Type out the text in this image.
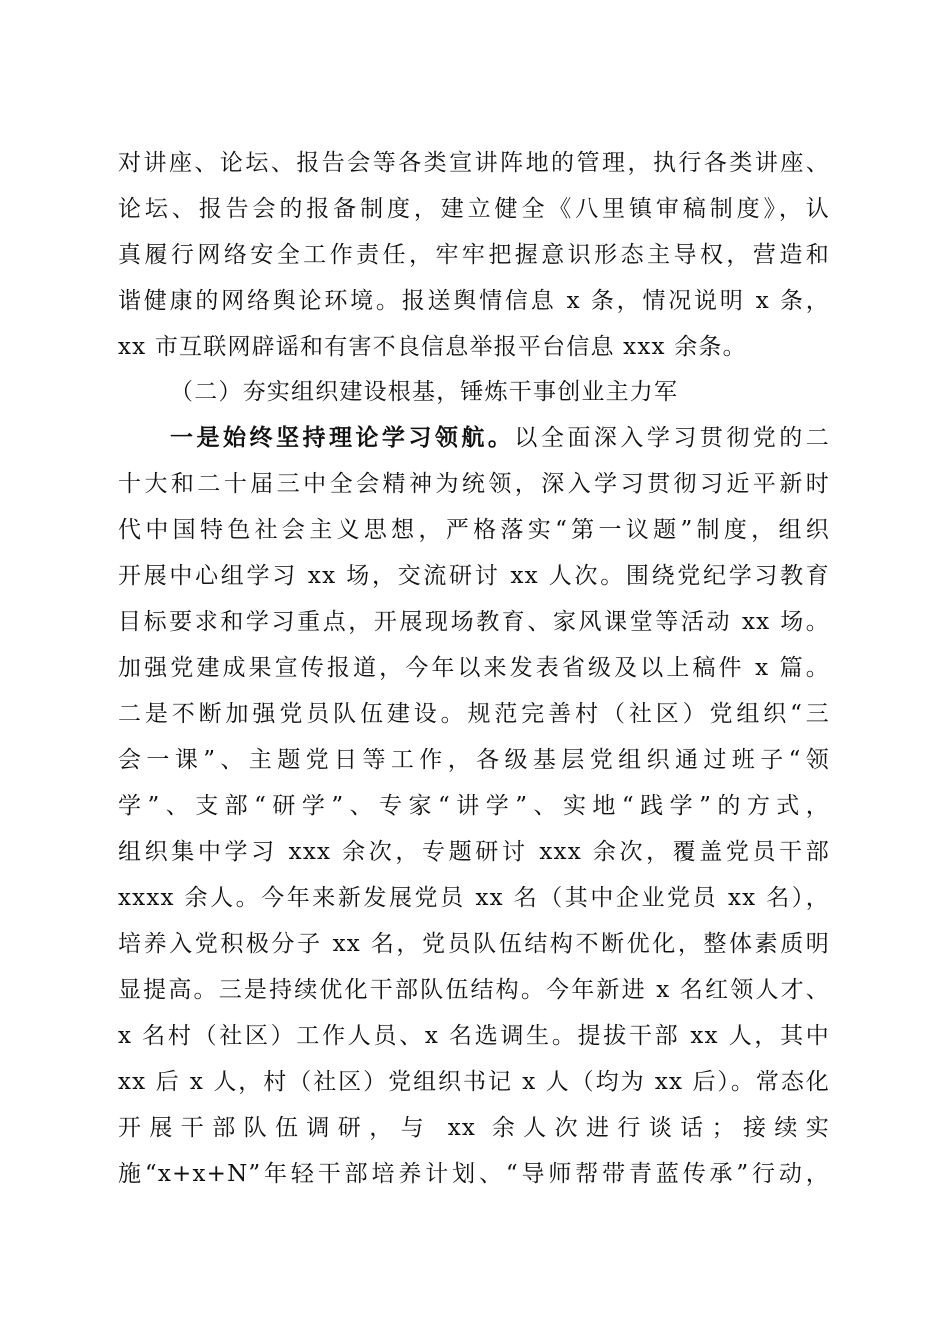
对讲座、论坛、报告会等各类宣讲阵地的管理，执行各类讲座、
论坛、报告会的报备制度，建立健全《八里镇审稿制度》，认
真履行网络安全工作责任，牢牢把握意识形态主导权，营造和
谐健康的网络舆论环境。报送舆情信息 x 条，情况说明 x 条，
xx 市互联网辟谣和有害不良信息举报平台信息 xxx 余条。
（二）夯实组织建设根基，锤炼干事创业主力军
一是始终坚持理论学习领航。以全面深入学习贯彻党的二
十大和二十届三中全会精神为统领，深入学习贯彻习近平新时
代中国特色社会主义思想，严格落实“第一议题”制度，组织
开展中心组学习 xx 场，交流研讨 xx 人次。围绕党纪学习教育
目标要求和学习重点，开展现场教育、家风课堂等活动 xx 场。
加强党建成果宣传报道，今年以来发表省级及以上稿件 x 篇。
二是不断加强党员队伍建设。规范完善村（社区）党组织“三
会一课”、主题党日等工作，各级基层党组织通过班子“领
学”、支部“研学”、专家“讲学”、实地“践学”的方式，
组织集中学习 xxx 余次，专题研讨 xxx 余次，覆盖党员干部
xxxx 余人。今年来新发展党员 xx 名（其中企业党员 xx 名），
培养入党积极分子 xx 名，党员队伍结构不断优化，整体素质明
显提高。三是持续优化干部队伍结构。今年新进 x 名红领人才、
x 名村（社区）工作人员、x 名选调生。提拔干部 xx 人，其中
xx 后 x 人，村（社区）党组织书记 x 人（均为 xx 后）。常态化
开展干部队伍调研，与 xx 余人次进行谈话；接续实
施“x+x+N”年轻干部培养计划、“导师帮带青蓝传承”行动，
